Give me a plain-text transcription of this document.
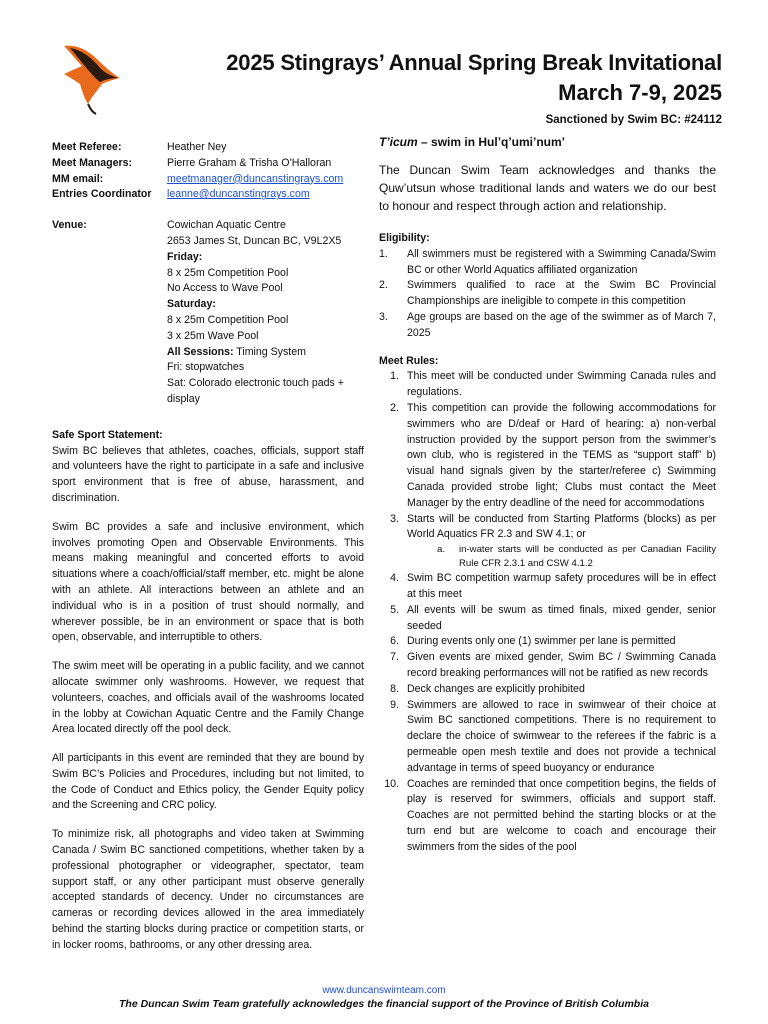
2025 Stingrays’ Annual Spring Break Invitational
March 7-9, 2025
Sanctioned by Swim BC: #24112
Meet Referee:	Heather Ney
Meet Managers:	Pierre Graham & Trisha O’Halloran
MM email:	meetmanager@duncanstingrays.com
Entries Coordinator	leanne@duncanstingrays.com
Venue:	Cowichan Aquatic Centre
2653 James St, Duncan BC, V9L2X5
Friday:
8 x 25m Competition Pool
No Access to Wave Pool
Saturday:
8 x 25m Competition Pool
3 x 25m Wave Pool
All Sessions: Timing System
Fri: stopwatches
Sat: Colorado electronic touch pads + display
Safe Sport Statement:

Swim BC believes that athletes, coaches, officials, support staff and volunteers have the right to participate in a safe and inclusive sport environment that is free of abuse, harassment, and discrimination.

Swim BC provides a safe and inclusive environment, which involves promoting Open and Observable Environments. This means making meaningful and concerted efforts to avoid situations where a coach/official/staff member, etc. might be alone with an athlete. All interactions between an athlete and an individual who is in a position of trust should normally, and wherever possible, be in an environment or space that is both open, observable, and interruptible to others.

The swim meet will be operating in a public facility, and we cannot allocate swimmer only washrooms. However, we request that volunteers, coaches, and officials avail of the washrooms located in the lobby at Cowichan Aquatic Centre and the Family Change Area located directly off the pool deck.

All participants in this event are reminded that they are bound by Swim BC’s Policies and Procedures, including but not limited, to the Code of Conduct and Ethics policy, the Gender Equity policy and the Screening and CRC policy.

To minimize risk, all photographs and video taken at Swimming Canada / Swim BC sanctioned competitions, whether taken by a professional photographer or videographer, spectator, team support staff, or any other participant must observe generally accepted standards of decency. Under no circumstances are cameras or recording devices allowed in the area immediately behind the starting blocks during practice or competition starts, or in locker rooms, bathrooms, or any other dressing area.

T’icum – swim in Hul’q’umi’num’
The Duncan Swim Team acknowledges and thanks the Quw’utsun whose traditional lands and waters we do our best to honour and respect through action and relationship.
Eligibility:
1.	All swimmers must be registered with a Swimming Canada/Swim BC or other World Aquatics affiliated organization
2.	Swimmers qualified to race at the Swim BC Provincial Championships are ineligible to compete in this competition
3.	Age groups are based on the age of the swimmer as of March 7, 2025
Meet Rules:
1. This meet will be conducted under Swimming Canada rules and regulations.
2. This competition can provide the following accommodations for swimmers who are D/deaf or Hard of hearing: a) non-verbal instruction provided by the support person from the swimmer’s own club, who is registered in the TEMS as “support staff” b) visual hand signals given by the starter/referee c) Swimming Canada provided strobe light; Clubs must contact the Meet Manager by the entry deadline of the need for accommodations
3. Starts will be conducted from Starting Platforms (blocks) as per World Aquatics FR 2.3 and SW 4.1; or
a.	in-water starts will be conducted as per Canadian Facility Rule CFR 2.3.1 and CSW 4.1.2
4. Swim BC competition warmup safety procedures will be in effect at this meet
5. All events will be swum as timed finals, mixed gender, senior seeded
6. During events only one (1) swimmer per lane is permitted
7. Given events are mixed gender, Swim BC / Swimming Canada record breaking performances will not be ratified as new records
8. Deck changes are explicitly prohibited
9. Swimmers are allowed to race in swimwear of their choice at Swim BC sanctioned competitions. There is no requirement to declare the choice of swimwear to the referees if the fabric is a permeable open mesh textile and does not provide a technical advantage in terms of speed buoyancy or endurance
10. Coaches are reminded that once competition begins, the fields of play is reserved for swimmers, officials and support staff. Coaches are not permitted behind the starting blocks or at the turn end but are welcome to coach and encourage their swimmers from the sides of the pool
www.duncanswimteam.com
The Duncan Swim Team gratefully acknowledges the financial support of the Province of British Columbia
